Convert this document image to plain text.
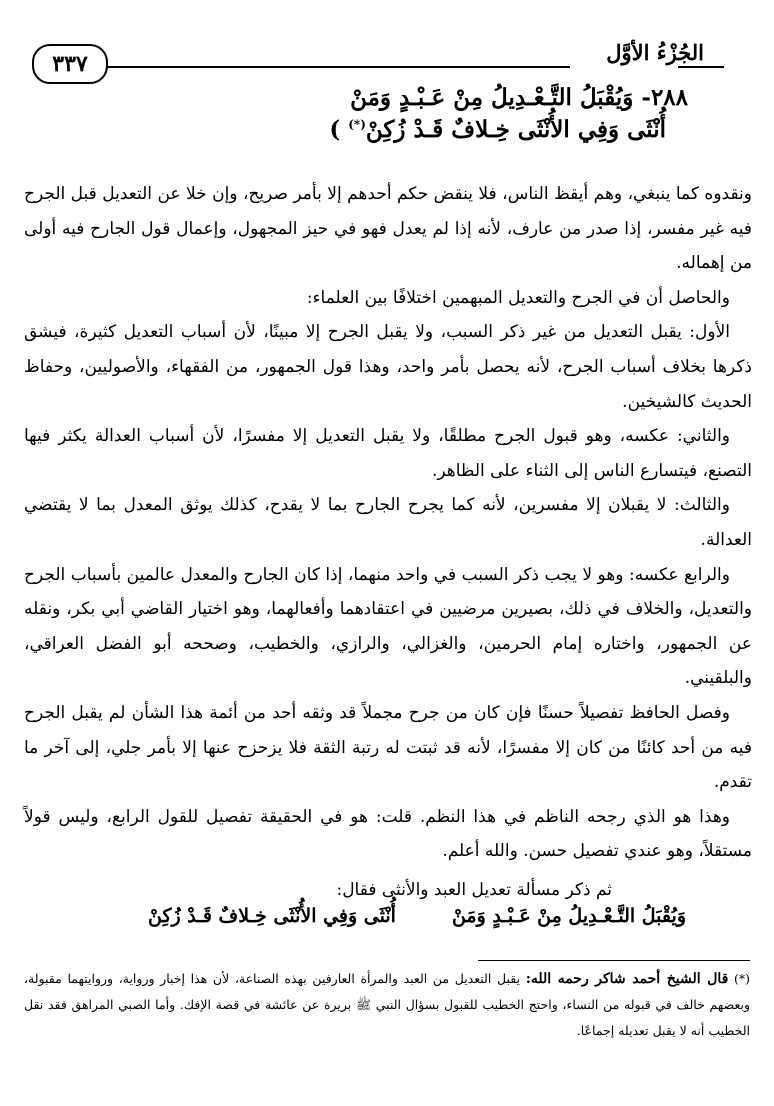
الجُزْءُ الأوَّل
٣٣٧
٢٨٨- وَيُقْبَلُ التَّـعْـدِيلُ مِنْ عَـبْـدٍ وَمَنْ
أُنْثَى وَفِي الأُنْثَى خِـلافٌ قَـدْ زُكِنْ(*) )

ونقدوه كما ينبغي، وهم أيقظ الناس، فلا ينقض حكم أحدهم إلا بأمر صريح، وإن خلا عن التعديل قبل الجرح فيه غير مفسر، إذا صدر من عارف، لأنه إذا لم يعدل فهو في حيز المجهول، وإعمال قول الجارح فيه أولى من إهماله.

والحاصل أن في الجرح والتعديل المبهمين اختلافًا بين العلماء:

الأول: يقبل التعديل من غير ذكر السبب، ولا يقبل الجرح إلا مبينًا، لأن أسباب التعديل كثيرة، فيشق ذكرها بخلاف أسباب الجرح، لأنه يحصل بأمر واحد، وهذا قول الجمهور، من الفقهاء، والأصوليين، وحفاظ الحديث كالشيخين.

والثاني: عكسه، وهو قبول الجرح مطلقًا، ولا يقبل التعديل إلا مفسرًا، لأن أسباب العدالة يكثر فيها التصنع، فيتسارع الناس إلى الثناء على الظاهر.

والثالث: لا يقبلان إلا مفسرين، لأنه كما يجرح الجارح بما لا يقدح، كذلك يوثق المعدل بما لا يقتضي العدالة.

والرابع عكسه: وهو لا يجب ذكر السبب في واحد منهما، إذا كان الجارح والمعدل عالمين بأسباب الجرح والتعديل، والخلاف في ذلك، بصيرين مرضيين في اعتقادهما وأفعالهما، وهو اختيار القاضي أبي بكر، ونقله عن الجمهور، واختاره إمام الحرمين، والغزالي، والرازي، والخطيب، وصححه أبو الفضل العراقي، والبلقيني.

وفصل الحافظ تفصيلاً حسنًا فإن كان من جرح مجملاً قد وثقه أحد من أئمة هذا الشأن لم يقبل الجرح فيه من أحد كائنًا من كان إلا مفسرًا، لأنه قد ثبتت له رتبة الثقة فلا يزحزح عنها إلا بأمر جلي، إلى آخر ما تقدم.

وهذا هو الذي رجحه الناظم في هذا النظم. قلت: هو في الحقيقة تفصيل للقول الرابع، وليس قولاً مستقلاً، وهو عندي تفصيل حسن. والله أعلم.

ثم ذكر مسألة تعديل العبد والأنثى فقال:
وَيُقْبَلُ التَّـعْـدِيلُ مِنْ عَـبْـدٍ وَمَنْ
أُنْثَى وَفِي الأُنْثَى خِـلافٌ قَـدْ زُكِنْ

(*) قال الشيخ أحمد شاكر رحمه الله: يقبل التعديل من العبد والمرأة العارفين بهذه الصناعة، لأن هذا إخبار ورواية، وروايتهما مقبولة، وبعضهم خالف في قبوله من النساء، واحتج الخطيب للقبول بسؤال النبي ﷺ بريرة عن عائشة في قصة الإفك. وأما الصبي المراهق فقد نقل الخطيب أنه لا يقبل تعديله إجماعًا.
